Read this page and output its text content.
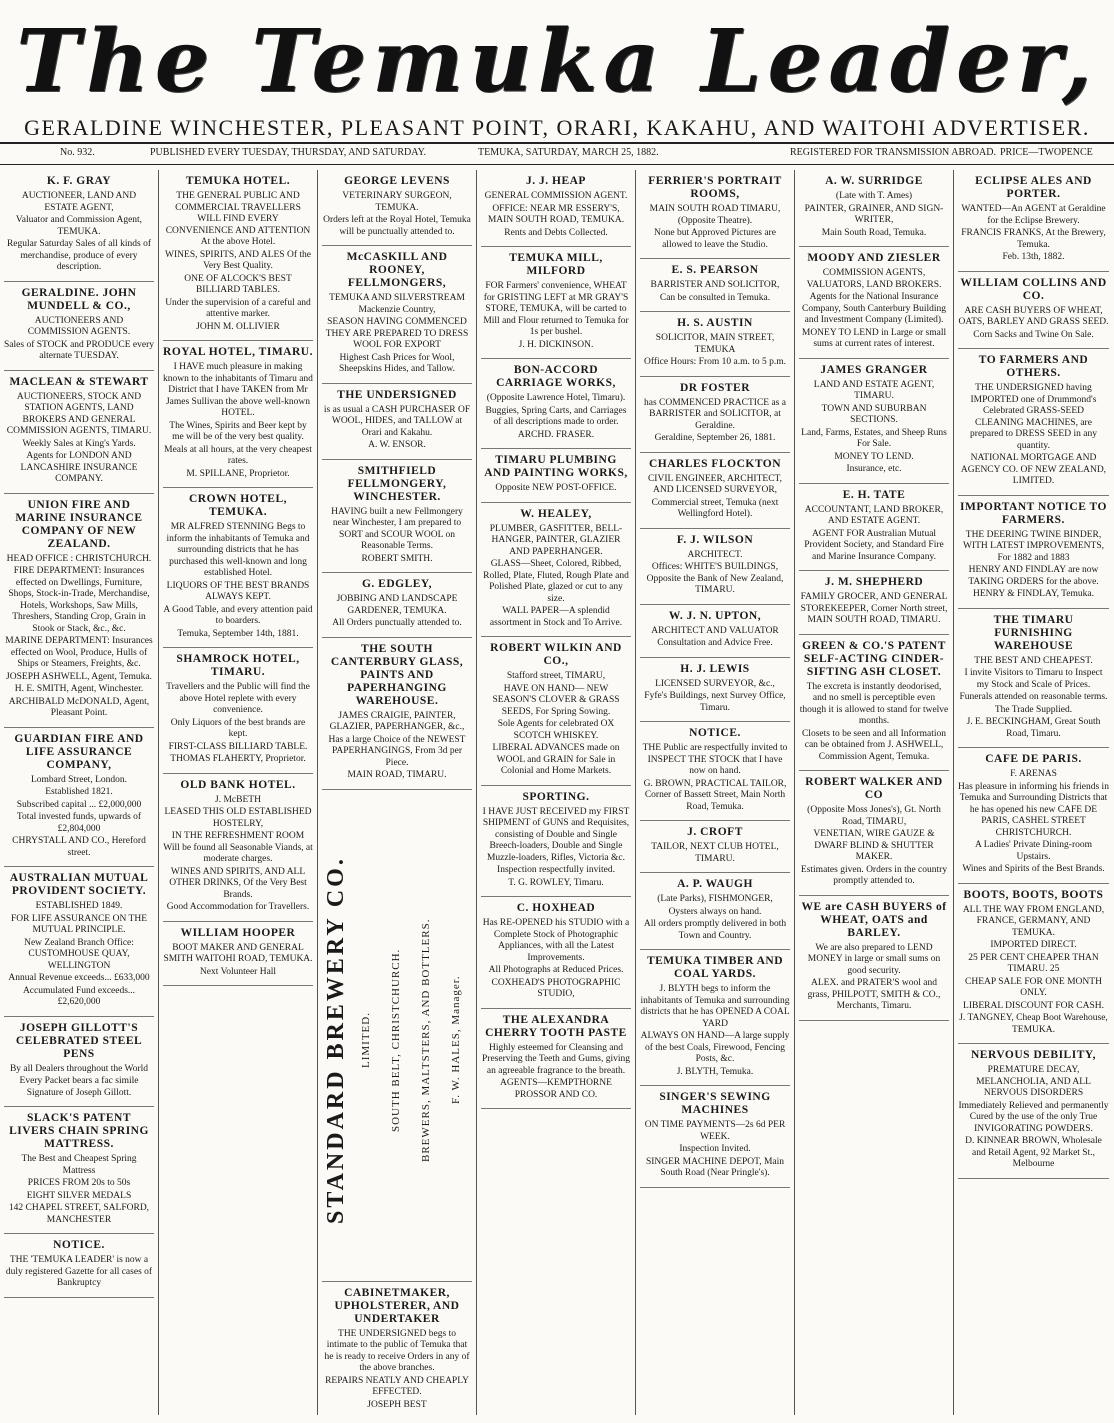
The Temuka Leader,
GERALDINE WINCHESTER, PLEASANT POINT, ORARI, KAKAHU, AND WAITOHI ADVERTISER.
No. 932.	PUBLISHED EVERY TUESDAY, THURSDAY, AND SATURDAY.	TEMUKA, SATURDAY, MARCH 25, 1882.	REGISTERED FOR TRANSMISSION ABROAD. PRICE—TWOPENCE
K. F. GRAY

AUCTIONEER, LAND AND ESTATE AGENT,

Valuator and Commission Agent, TEMUKA.

Regular Saturday Sales of all kinds of merchandise, produce of every description.

GERALDINE. JOHN MUNDELL & CO.,

AUCTIONEERS AND COMMISSION AGENTS.

Sales of STOCK and PRODUCE every alternate TUESDAY.

MACLEAN & STEWART

AUCTIONEERS, STOCK AND STATION AGENTS, LAND BROKERS AND GENERAL COMMISSION AGENTS, TIMARU.

Weekly Sales at King's Yards.

Agents for LONDON AND LANCASHIRE INSURANCE COMPANY.

UNION FIRE AND MARINE INSURANCE COMPANY OF NEW ZEALAND.

HEAD OFFICE : CHRISTCHURCH.

FIRE DEPARTMENT: Insurances effected on Dwellings, Furniture, Shops, Stock-in-Trade, Merchandise, Hotels, Workshops, Saw Mills, Threshers, Standing Crop, Grain in Stook or Stack, &c., &c.

MARINE DEPARTMENT: Insurances effected on Wool, Produce, Hulls of Ships or Steamers, Freights, &c.

JOSEPH ASHWELL, Agent, Temuka.

H. E. SMITH, Agent, Winchester.

ARCHIBALD McDONALD, Agent, Pleasant Point.

GUARDIAN FIRE AND LIFE ASSURANCE COMPANY,

Lombard Street, London.

Established 1821.

Subscribed capital ... £2,000,000

Total invested funds, upwards of £2,804,000

CHRYSTALL AND CO., Hereford street.

AUSTRALIAN MUTUAL PROVIDENT SOCIETY.

ESTABLISHED 1849.

FOR LIFE ASSURANCE ON THE MUTUAL PRINCIPLE.

New Zealand Branch Office: CUSTOMHOUSE QUAY, WELLINGTON

Annual Revenue exceeds... £633,000

Accumulated Fund exceeds... £2,620,000

JOSEPH GILLOTT'S CELEBRATED STEEL PENS

By all Dealers throughout the World

Every Packet bears a fac simile Signature of Joseph Gillott.

SLACK'S PATENT LIVERS CHAIN SPRING MATTRESS.

The Best and Cheapest Spring Mattress

PRICES FROM 20s to 50s

EIGHT SILVER MEDALS

142 CHAPEL STREET, SALFORD, MANCHESTER

NOTICE.

THE 'TEMUKA LEADER' is now a duly registered Gazette for all cases of Bankruptcy

TEMUKA HOTEL.

THE GENERAL PUBLIC AND COMMERCIAL TRAVELLERS WILL FIND EVERY CONVENIENCE AND ATTENTION At the above Hotel.

WINES, SPIRITS, AND ALES Of the Very Best Quality.

ONE OF ALCOCK'S BEST BILLIARD TABLES.

Under the supervision of a careful and attentive marker.

JOHN M. OLLIVIER

ROYAL HOTEL, TIMARU.

I HAVE much pleasure in making known to the inhabitants of Timaru and District that I have TAKEN from Mr James Sullivan the above well-known HOTEL.

The Wines, Spirits and Beer kept by me will be of the very best quality.

Meals at all hours, at the very cheapest rates.

M. SPILLANE, Proprietor.

CROWN HOTEL, TEMUKA.

MR ALFRED STENNING Begs to inform the inhabitants of Temuka and surrounding districts that he has purchased this well-known and long established Hotel.

LIQUORS OF THE BEST BRANDS ALWAYS KEPT.

A Good Table, and every attention paid to boarders.

Temuka, September 14th, 1881.

SHAMROCK HOTEL, TIMARU.

Travellers and the Public will find the above Hotel replete with every convenience.

Only Liquors of the best brands are kept.

FIRST-CLASS BILLIARD TABLE.

THOMAS FLAHERTY, Proprietor.

OLD BANK HOTEL.

J. McBETH

LEASED THIS OLD ESTABLISHED HOSTELRY,

IN THE REFRESHMENT ROOM Will be found all Seasonable Viands, at moderate charges.

WINES AND SPIRITS, AND ALL OTHER DRINKS, Of the Very Best Brands.

Good Accommodation for Travellers.

WILLIAM HOOPER

BOOT MAKER AND GENERAL SMITH WAITOHI ROAD, TEMUKA.

Next Volunteer Hall

GEORGE LEVENS

VETERINARY SURGEON, TEMUKA.

Orders left at the Royal Hotel, Temuka will be punctually attended to.

McCASKILL AND ROONEY, FELLMONGERS,

TEMUKA AND SILVERSTREAM Mackenzie Country,

SEASON HAVING COMMENCED THEY ARE PREPARED TO DRESS WOOL FOR EXPORT

Highest Cash Prices for Wool, Sheepskins Hides, and Tallow.

THE UNDERSIGNED

is as usual a CASH PURCHASER OF WOOL, HIDES, and TALLOW at Orari and Kakahu.

A. W. ENSOR.

SMITHFIELD FELLMONGERY, WINCHESTER.

HAVING built a new Fellmongery near Winchester, I am prepared to SORT and SCOUR WOOL on Reasonable Terms.

ROBERT SMITH.

G. EDGLEY,

JOBBING AND LANDSCAPE GARDENER, TEMUKA.

All Orders punctually attended to.

THE SOUTH CANTERBURY GLASS, PAINTS AND PAPERHANGING WAREHOUSE.

JAMES CRAIGIE, PAINTER, GLAZIER, PAPERHANGER, &c.,

Has a large Choice of the NEWEST PAPERHANGINGS, From 3d per Piece.

MAIN ROAD, TIMARU.

STANDARD BREWERY CO. LIMITED. SOUTH BELT, CHRISTCHURCH. BREWERS, MALTSTERS, AND BOTTLERS. F. W. HALES, Manager.
CABINETMAKER, UPHOLSTERER, AND UNDERTAKER

THE UNDERSIGNED begs to intimate to the public of Temuka that he is ready to receive Orders in any of the above branches.

REPAIRS NEATLY AND CHEAPLY EFFECTED.

JOSEPH BEST

J. J. HEAP

GENERAL COMMISSION AGENT.

OFFICE: NEAR MR ESSERY'S, MAIN SOUTH ROAD, TEMUKA.

Rents and Debts Collected.

TEMUKA MILL, MILFORD

FOR Farmers' convenience, WHEAT for GRISTING LEFT at MR GRAY'S STORE, TEMUKA, will be carted to Mill and Flour returned to Temuka for 1s per bushel.

J. H. DICKINSON.

BON-ACCORD CARRIAGE WORKS,

(Opposite Lawrence Hotel, Timaru).

Buggies, Spring Carts, and Carriages of all descriptions made to order.

ARCHD. FRASER.

TIMARU PLUMBING AND PAINTING WORKS,

Opposite NEW POST-OFFICE.

W. HEALEY,

PLUMBER, GASFITTER, BELL-HANGER, PAINTER, GLAZIER AND PAPERHANGER.

GLASS—Sheet, Colored, Ribbed, Rolled, Plate, Fluted, Rough Plate and Polished Plate, glazed or cut to any size.

WALL PAPER—A splendid assortment in Stock and To Arrive.

ROBERT WILKIN AND CO.,

Stafford street, TIMARU,

HAVE ON HAND— NEW SEASON'S CLOVER & GRASS SEEDS, For Spring Sowing.

Sole Agents for celebrated OX SCOTCH WHISKEY.

LIBERAL ADVANCES made on WOOL and GRAIN for Sale in Colonial and Home Markets.

SPORTING.

I HAVE JUST RECEIVED my FIRST SHIPMENT of GUNS and Requisites, consisting of Double and Single Breech-loaders, Double and Single Muzzle-loaders, Rifles, Victoria &c.

Inspection respectfully invited.

T. G. ROWLEY, Timaru.

C. HOXHEAD

Has RE-OPENED his STUDIO with a Complete Stock of Photographic Appliances, with all the Latest Improvements.

All Photographs at Reduced Prices.

COXHEAD'S PHOTOGRAPHIC STUDIO,

THE ALEXANDRA CHERRY TOOTH PASTE

Highly esteemed for Cleansing and Preserving the Teeth and Gums, giving an agreeable fragrance to the breath.

AGENTS—KEMPTHORNE PROSSOR AND CO.

FERRIER'S PORTRAIT ROOMS,

MAIN SOUTH ROAD TIMARU, (Opposite Theatre).

None but Approved Pictures are allowed to leave the Studio.

E. S. PEARSON

BARRISTER AND SOLICITOR,

Can be consulted in Temuka.

H. S. AUSTIN

SOLICITOR, MAIN STREET, TEMUKA

Office Hours: From 10 a.m. to 5 p.m.

DR FOSTER

has COMMENCED PRACTICE as a BARRISTER and SOLICITOR, at Geraldine.

Geraldine, September 26, 1881.

CHARLES FLOCKTON

CIVIL ENGINEER, ARCHITECT, AND LICENSED SURVEYOR,

Commercial street, Temuka (next Wellingford Hotel).

F. J. WILSON

ARCHITECT.

Offices: WHITE'S BUILDINGS, Opposite the Bank of New Zealand, TIMARU.

W. J. N. UPTON,

ARCHITECT AND VALUATOR

Consultation and Advice Free.

H. J. LEWIS

LICENSED SURVEYOR, &c.,

Fyfe's Buildings, next Survey Office, Timaru.

NOTICE.

THE Public are respectfully invited to INSPECT THE STOCK that I have now on hand.

G. BROWN, PRACTICAL TAILOR, Corner of Bassett Street, Main North Road, Temuka.

J. CROFT

TAILOR, NEXT CLUB HOTEL, TIMARU.

A. P. WAUGH

(Late Parks), FISHMONGER,

Oysters always on hand.

All orders promptly delivered in both Town and Country.

TEMUKA TIMBER AND COAL YARDS.

J. BLYTH begs to inform the inhabitants of Temuka and surrounding districts that he has OPENED A COAL YARD

ALWAYS ON HAND—A large supply of the best Coals, Firewood, Fencing Posts, &c.

J. BLYTH, Temuka.

SINGER'S SEWING MACHINES

ON TIME PAYMENTS—2s 6d PER WEEK.

Inspection Invited.

SINGER MACHINE DEPOT, Main South Road (Near Pringle's).

A. W. SURRIDGE

(Late with T. Ames)

PAINTER, GRAINER, AND SIGN-WRITER,

Main South Road, Temuka.

MOODY AND ZIESLER

COMMISSION AGENTS, VALUATORS, LAND BROKERS.

Agents for the National Insurance Company, South Canterbury Building and Investment Company (Limited).

MONEY TO LEND in Large or small sums at current rates of interest.

JAMES GRANGER

LAND AND ESTATE AGENT, TIMARU.

TOWN AND SUBURBAN SECTIONS.

Land, Farms, Estates, and Sheep Runs For Sale.

MONEY TO LEND.

Insurance, etc.

E. H. TATE

ACCOUNTANT, LAND BROKER, AND ESTATE AGENT.

AGENT FOR Australian Mutual Provident Society, and Standard Fire and Marine Insurance Company.

J. M. SHEPHERD

FAMILY GROCER, AND GENERAL STOREKEEPER, Corner North street, MAIN SOUTH ROAD, TIMARU.

GREEN & CO.'S PATENT SELF-ACTING CINDER-SIFTING ASH CLOSET.

The excreta is instantly deodorised, and no smell is perceptible even though it is allowed to stand for twelve months.

Closets to be seen and all Information can be obtained from J. ASHWELL, Commission Agent, Temuka.

ROBERT WALKER AND CO

(Opposite Moss Jones's), Gt. North Road, TIMARU,

VENETIAN, WIRE GAUZE & DWARF BLIND & SHUTTER MAKER.

Estimates given. Orders in the country promptly attended to.

WE are CASH BUYERS of WHEAT, OATS and BARLEY.

We are also prepared to LEND MONEY in large or small sums on good security.

ALEX. and PRATER'S wool and grass, PHILPOTT, SMITH & CO., Merchants, Timaru.

ECLIPSE ALES AND PORTER.

WANTED—An AGENT at Geraldine for the Eclipse Brewery.

FRANCIS FRANKS, At the Brewery, Temuka.

Feb. 13th, 1882.

WILLIAM COLLINS AND CO.

ARE CASH BUYERS OF WHEAT, OATS, BARLEY AND GRASS SEED.

Corn Sacks and Twine On Sale.

TO FARMERS AND OTHERS.

THE UNDERSIGNED having IMPORTED one of Drummond's Celebrated GRASS-SEED CLEANING MACHINES, are prepared to DRESS SEED in any quantity.

NATIONAL MORTGAGE AND AGENCY CO. OF NEW ZEALAND, LIMITED.

IMPORTANT NOTICE TO FARMERS.

THE DEERING TWINE BINDER, WITH LATEST IMPROVEMENTS, For 1882 and 1883

HENRY AND FINDLAY are now TAKING ORDERS for the above.

HENRY & FINDLAY, Temuka.

THE TIMARU FURNISHING WAREHOUSE

THE BEST AND CHEAPEST.

I invite Visitors to Timaru to Inspect my Stock and Scale of Prices.

Funerals attended on reasonable terms.

The Trade Supplied.

J. E. BECKINGHAM, Great South Road, Timaru.

CAFE DE PARIS.

F. ARENAS

Has pleasure in informing his friends in Temuka and Surrounding Districts that he has opened his new CAFE DE PARIS, CASHEL STREET CHRISTCHURCH.

A Ladies' Private Dining-room Upstairs.

Wines and Spirits of the Best Brands.

BOOTS, BOOTS, BOOTS

ALL THE WAY FROM ENGLAND, FRANCE, GERMANY, AND TEMUKA.

IMPORTED DIRECT.

25 PER CENT CHEAPER THAN TIMARU. 25

CHEAP SALE FOR ONE MONTH ONLY.

LIBERAL DISCOUNT FOR CASH.

J. TANGNEY, Cheap Boot Warehouse, TEMUKA.

NERVOUS DEBILITY,

PREMATURE DECAY, MELANCHOLIA, AND ALL NERVOUS DISORDERS

Immediately Relieved and permanently Cured by the use of the only True INVIGORATING POWDERS.

D. KINNEAR BROWN, Wholesale and Retail Agent, 92 Market St., Melbourne
